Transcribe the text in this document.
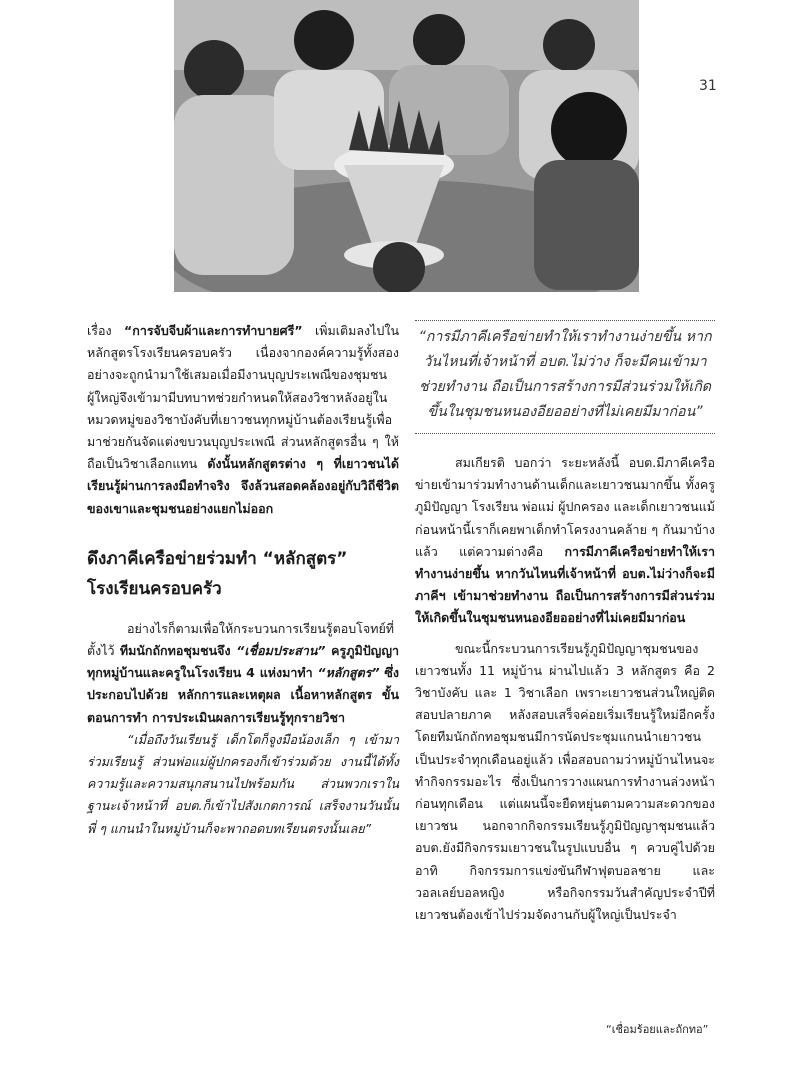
31

เรื่อง “การจับจีบผ้าและการทำบายศรี” เพิ่มเติมลงไปในหลักสูตรโรงเรียนครอบครัว เนื่องจากองค์ความรู้ทั้งสองอย่างจะถูกนำมาใช้เสมอเมื่อมีงานบุญประเพณีของชุมชน ผู้ใหญ่จึงเข้ามามีบทบาทช่วยกำหนดให้สองวิชาหลังอยู่ในหมวดหมู่ของวิชาบังคับที่เยาวชนทุกหมู่บ้านต้องเรียนรู้เพื่อมาช่วยกันจัดแต่งขบวนบุญประเพณี ส่วนหลักสูตรอื่น ๆ ให้ถือเป็นวิชาเลือกแทน ดังนั้นหลักสูตรต่าง ๆ ที่เยาวชนได้เรียนรู้ผ่านการลงมือทำจริง จึงล้วนสอดคล้องอยู่กับวิถีชีวิตของเขาและชุมชนอย่างแยกไม่ออก

ดึงภาคีเครือข่ายร่วมทำ “หลักสูตร” โรงเรียนครอบครัว

อย่างไรก็ตามเพื่อให้กระบวนการเรียนรู้ตอบโจทย์ที่ตั้งไว้ ทีมนักถักทอชุมชนจึง “เชื่อมประสาน” ครูภูมิปัญญาทุกหมู่บ้านและครูในโรงเรียน 4 แห่งมาทำ “หลักสูตร” ซึ่งประกอบไปด้วย หลักการและเหตุผล เนื้อหาหลักสูตร ขั้นตอนการทำ การประเมินผลการเรียนรู้ทุกรายวิชา

“เมื่อถึงวันเรียนรู้ เด็กโตก็จูงมือน้องเล็ก ๆ เข้ามาร่วมเรียนรู้ ส่วนพ่อแม่ผู้ปกครองก็เข้าร่วมด้วย งานนี้ได้ทั้งความรู้และความสนุกสนานไปพร้อมกัน ส่วนพวกเราในฐานะเจ้าหน้าที่ อบต.ก็เข้าไปสังเกตการณ์ เสร็จงานวันนั้นพี่ ๆ แกนนำในหมู่บ้านก็จะพาถอดบทเรียนตรงนั้นเลย”

“การมีภาคีเครือข่ายทำให้เราทำงานง่ายขึ้น หากวันไหนที่เจ้าหน้าที่ อบต.ไม่ว่าง ก็จะมีคนเข้ามาช่วยทำงาน ถือเป็นการสร้างการมีส่วนร่วมให้เกิดขึ้นในชุมชนหนองอียออย่างที่ไม่เคยมีมาก่อน”

สมเกียรติ บอกว่า ระยะหลังนี้ อบต.มีภาคีเครือข่ายเข้ามาร่วมทำงานด้านเด็กและเยาวชนมากขึ้น ทั้งครูภูมิปัญญา โรงเรียน พ่อแม่ ผู้ปกครอง และเด็กเยาวชนแม้ก่อนหน้านี้เราก็เคยพาเด็กทำโครงงานคล้าย ๆ กันมาบ้างแล้ว แต่ความต่างคือ การมีภาคีเครือข่ายทำให้เราทำงานง่ายขึ้น หากวันไหนที่เจ้าหน้าที่ อบต.ไม่ว่างก็จะมีภาคีฯ เข้ามาช่วยทำงาน ถือเป็นการสร้างการมีส่วนร่วมให้เกิดขึ้นในชุมชนหนองอียออย่างที่ไม่เคยมีมาก่อน

ขณะนี้กระบวนการเรียนรู้ภูมิปัญญาชุมชนของเยาวชนทั้ง 11 หมู่บ้าน ผ่านไปแล้ว 3 หลักสูตร คือ 2 วิชาบังคับ และ 1 วิชาเลือก เพราะเยาวชนส่วนใหญ่ติดสอบปลายภาค หลังสอบเสร็จค่อยเริ่มเรียนรู้ใหม่อีกครั้ง โดยทีมนักถักทอชุมชนมีการนัดประชุมแกนนำเยาวชนเป็นประจำทุกเดือนอยู่แล้ว เพื่อสอบถามว่าหมู่บ้านไหนจะทำกิจกรรมอะไร ซึ่งเป็นการวางแผนการทำงานล่วงหน้าก่อนทุกเดือน แต่แผนนี้จะยืดหยุ่นตามความสะดวกของเยาวชน นอกจากกิจกรรมเรียนรู้ภูมิปัญญาชุมชนแล้ว อบต.ยังมีกิจกรรมเยาวชนในรูปแบบอื่น ๆ ควบคู่ไปด้วย อาทิ กิจกรรมการแข่งขันกีฬาฟุตบอลชาย และวอลเลย์บอลหญิง หรือกิจกรรมวันสำคัญประจำปีที่เยาวชนต้องเข้าไปร่วมจัดงานกับผู้ใหญ่เป็นประจำ

“เชื่อมร้อยและถักทอ”
